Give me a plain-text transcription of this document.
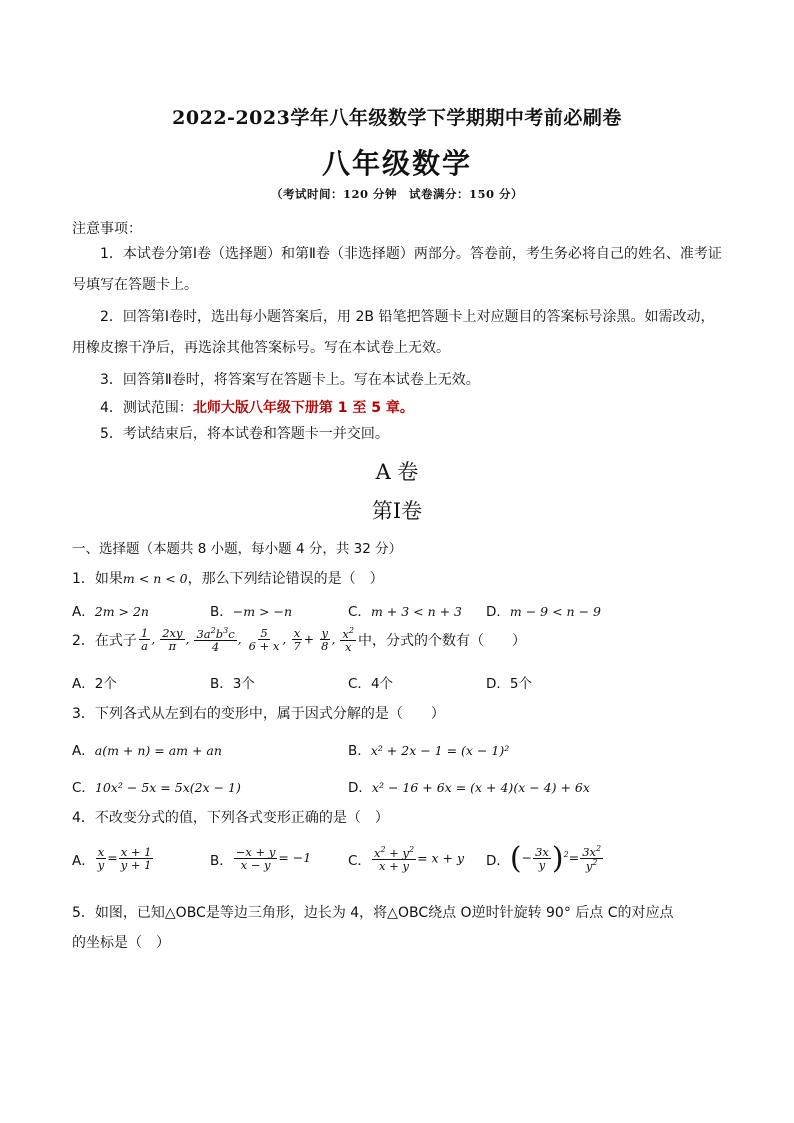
2022-2023学年八年级数学下学期期中考前必刷卷
八年级数学
（考试时间：120 分钟　试卷满分：150 分）
注意事项：
1．本试卷分第Ⅰ卷（选择题）和第Ⅱ卷（非选择题）两部分。答卷前，考生务必将自己的姓名、准考证号填写在答题卡上。
2．回答第Ⅰ卷时，选出每小题答案后，用 2B 铅笔把答题卡上对应题目的答案标号涂黑。如需改动，用橡皮擦干净后，再选涂其他答案标号。写在本试卷上无效。
3．回答第Ⅱ卷时，将答案写在答题卡上。写在本试卷上无效。
4．测试范围：北师大版八年级下册第 1 至 5 章。
5．考试结束后，将本试卷和答题卡一并交回。
A 卷
第Ⅰ卷
一、选择题（本题共 8 小题，每小题 4 分，共 32 分）
1．如果m < n < 0，那么下列结论错误的是（　）
A．2m > 2n	B．−m > −n	C．m + 3 < n + 3 D．m − 9 < n − 9
2．在式子 $\frac{1}{a}$ , $\frac{2xy}{\pi}$ , $\frac{3a^2b^3c}{4}$ , $\frac{5}{6 + x}$ , $\frac{x}{7} + \frac{y}{8}$ , $\frac{x^2}{x}$ 中，分式的个数有（　　）
A．2个	B．3个	C．4个	D．5个
3．下列各式从左到右的变形中，属于因式分解的是（　　）
A．a(m + n) = am + an	B．x² + 2x − 1 = (x − 1)²
C．10x² − 5x = 5x(2x − 1)	D．x² − 16 + 6x = (x + 4)(x − 4) + 6x
4．不改变分式的值，下列各式变形正确的是（　）
A． $\frac{x}{y} = \frac{x + 1}{y + 1}$	B． $\frac{-x + y}{x - y} = -1$	C． $\frac{x^2 + y^2}{x + y} = x + y$ D． (− $\frac{3x}{y} )^2= \frac{3x^2}{y^2}$
5．如图，已知△OBC是等边三角形，边长为 4，将△OBC绕点 O逆时针旋转 90° 后点 C的对应点
的坐标是（　）
